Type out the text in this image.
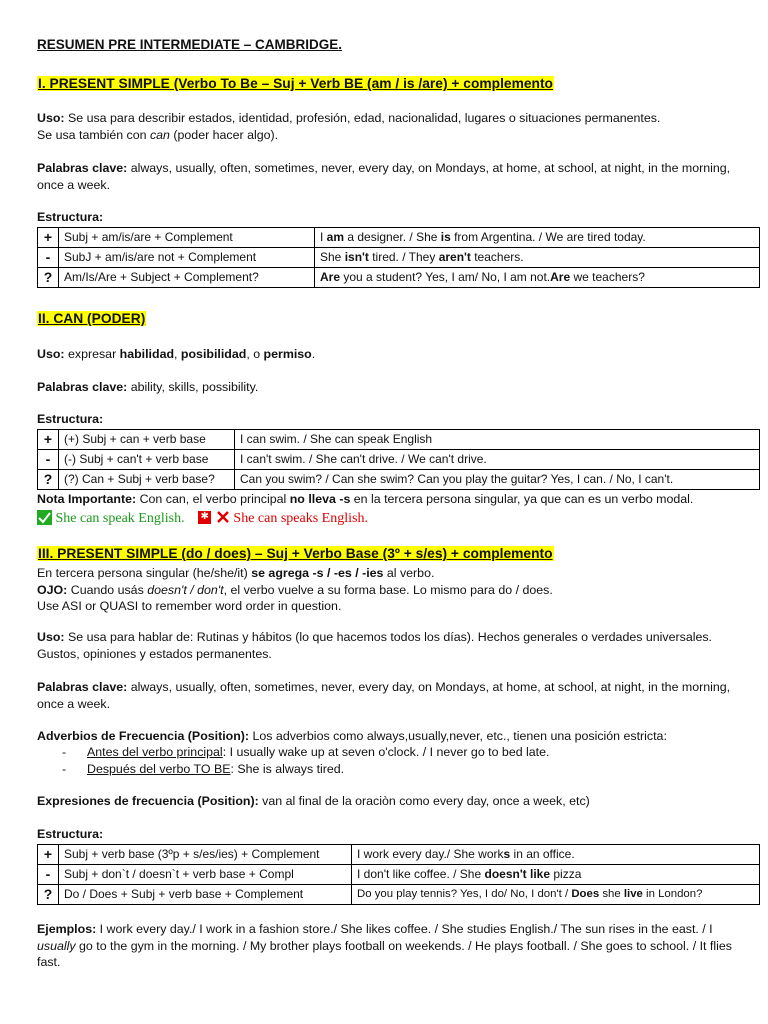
RESUMEN PRE INTERMEDIATE – CAMBRIDGE.
I. PRESENT SIMPLE (Verbo To Be – Suj + Verb BE (am / is /are) + complemento
Uso: Se usa para describir estados, identidad, profesión, edad, nacionalidad, lugares o situaciones permanentes.
Se usa también con can (poder hacer algo).
Palabras clave: always, usually, often, sometimes, never, every day, on Mondays, at home, at school, at night, in the morning, once a week.
Estructura:
+	Subj + am/is/are + Complement	I am a designer. / She is from Argentina. / We are tired today.
-	SubJ + am/is/are not + Complement	She isn't tired. / They aren't teachers.
?	Am/Is/Are + Subject + Complement?	Are you a student? Yes, I am/ No, I am not.Are we teachers?
II. CAN (PODER)
Uso: expresar habilidad, posibilidad, o permiso.
Palabras clave: ability, skills, possibility.
Estructura:
+	(+) Subj + can + verb base	I can swim. / She can speak English
-	(-) Subj + can't + verb base	I can't swim. / She can't drive. / We can't drive.
?	(?) Can + Subj + verb base?	Can you swim? / Can she swim? Can you play the guitar? Yes, I can. / No, I can't.
Nota Importante: Con can, el verbo principal no lleva -s en la tercera persona singular, ya que can es un verbo modal.
She can speak English. ✱ She can speaks English.
III. PRESENT SIMPLE (do / does) – Suj + Verbo Base (3º + s/es) + complemento
En tercera persona singular (he/she/it) se agrega -s / -es / -ies al verbo.
OJO: Cuando usás doesn't / don't, el verbo vuelve a su forma base. Lo mismo para do / does.
Use ASI or QUASI to remember word order in question.
Uso: Se usa para hablar de: Rutinas y hábitos (lo que hacemos todos los días). Hechos generales o verdades universales. Gustos, opiniones y estados permanentes.
Palabras clave: always, usually, often, sometimes, never, every day, on Mondays, at home, at school, at night, in the morning, once a week.
Adverbios de Frecuencia (Position): Los adverbios como always,usually,never, etc., tienen una posición estricta:
- Antes del verbo principal: I usually wake up at seven o'clock. / I never go to bed late.
- Después del verbo TO BE: She is always tired.
Expresiones de frecuencia (Position): van al final de la oraciòn como every day, once a week, etc)
Estructura:
+	Subj + verb base (3ºp + s/es/ies) + Complement	I work every day./ She works in an office.
-	Subj + don`t / doesn`t + verb base + Compl	I don't like coffee. / She doesn't like pizza
?	Do / Does + Subj + verb base + Complement	Do you play tennis? Yes, I do/ No, I don't / Does she live in London?
Ejemplos: I work every day./ I work in a fashion store./ She likes coffee. / She studies English./ The sun rises in the east. / I usually go to the gym in the morning. / My brother plays football on weekends. / He plays football. / She goes to school. / It flies fast.
